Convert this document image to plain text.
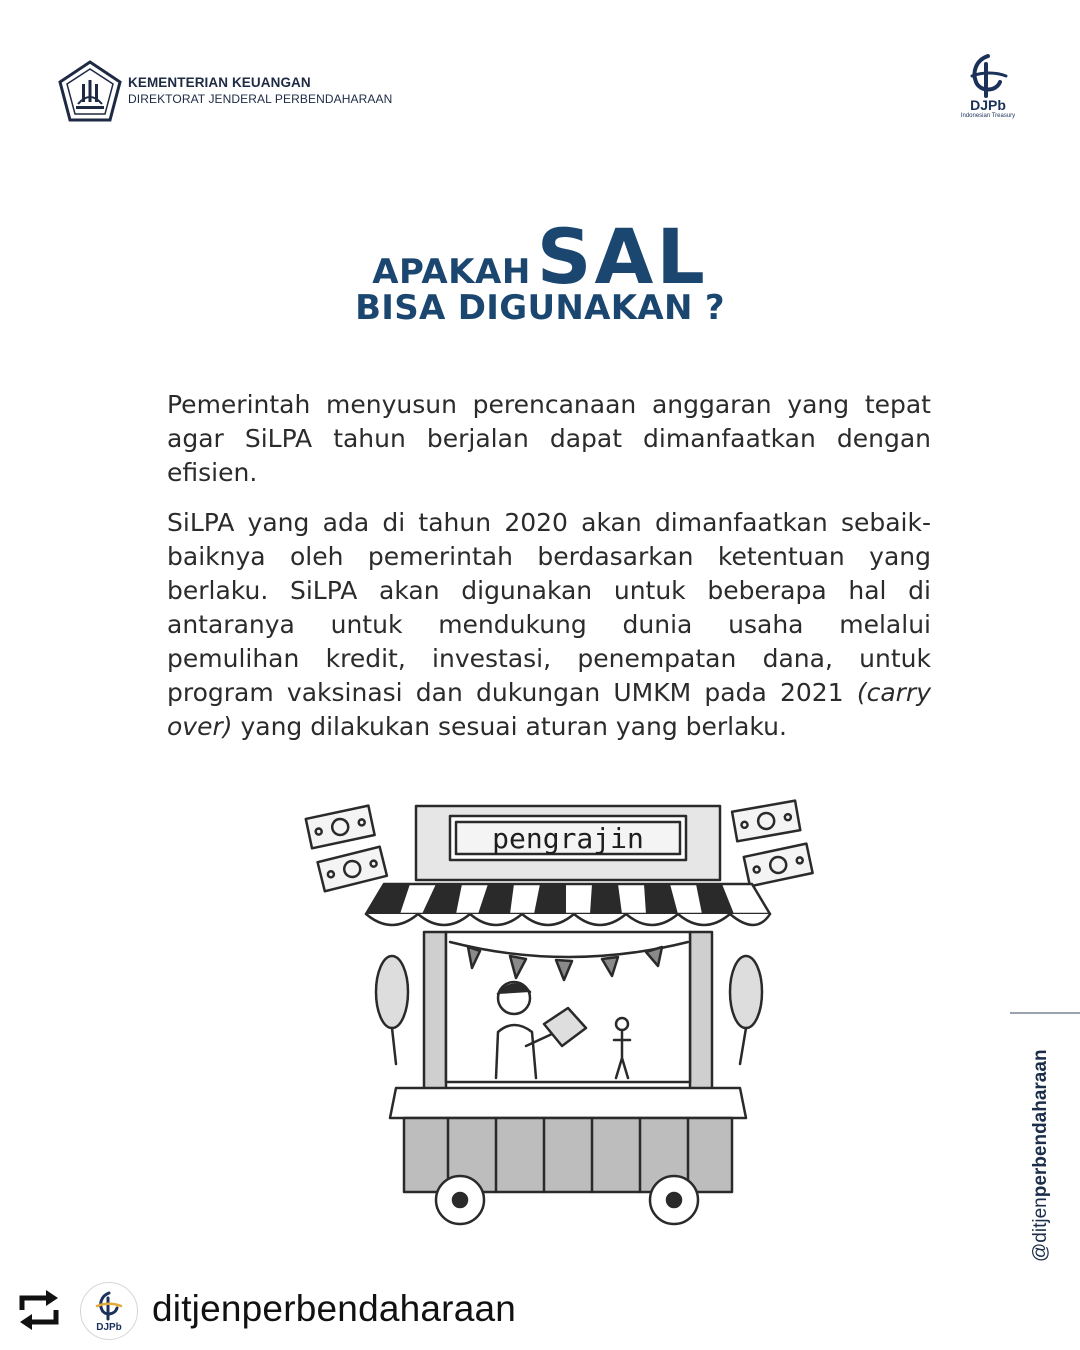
KEMENTERIAN KEUANGAN
DIREKTORAT JENDERAL PERBENDAHARAAN	DJPb
Indonesian Treasury
APAKAHSAL
BISA DIGUNAKAN ?

Pemerintah menyusun perencanaan anggaran yang tepat agar SiLPA tahun berjalan dapat dimanfaatkan dengan efisien.

SiLPA yang ada di tahun 2020 akan dimanfaatkan sebaik-baiknya oleh pemerintah berdasarkan ketentuan yang berlaku. SiLPA akan digunakan untuk beberapa hal di antaranya untuk mendukung dunia usaha melalui pemulihan kredit, investasi, penempatan dana, untuk program vaksinasi dan dukungan UMKM pada 2021 (carry over) yang dilakukan sesuai aturan yang berlaku.

pengrajin
@ditjenperbendaharaan
DJPb ditjenperbendaharaan
